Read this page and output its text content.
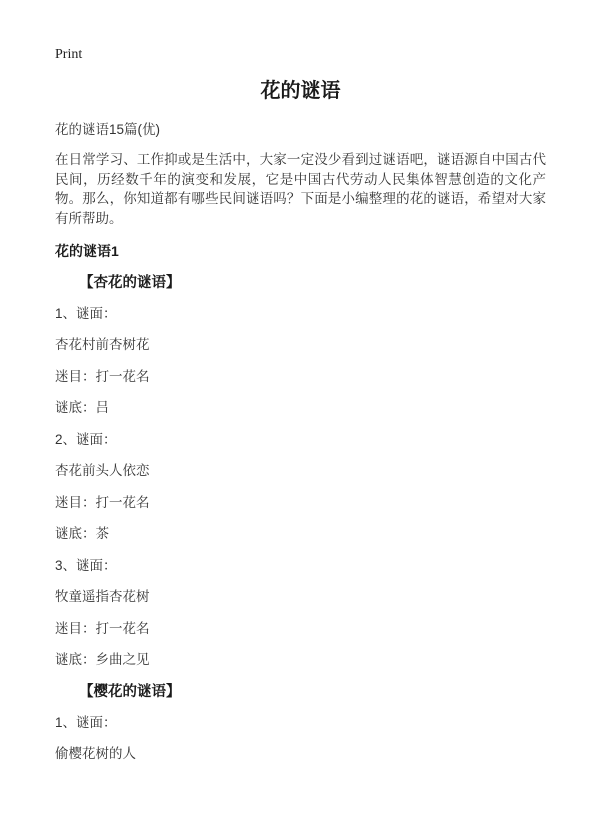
Print

花的谜语

花的谜语15篇(优)

在日常学习、工作抑或是生活中，大家一定没少看到过谜语吧，谜语源自中国古代民间，历经数千年的演变和发展，它是中国古代劳动人民集体智慧创造的文化产物。那么，你知道都有哪些民间谜语吗？下面是小编整理的花的谜语，希望对大家有所帮助。

花的谜语1

【杏花的谜语】

1、谜面：

杏花村前杏树花

迷目：打一花名

谜底：吕

2、谜面：

杏花前头人依恋

迷目：打一花名

谜底：茶

3、谜面：

牧童遥指杏花树

迷目：打一花名

谜底：乡曲之见

【樱花的谜语】

1、谜面：

偷樱花树的人
